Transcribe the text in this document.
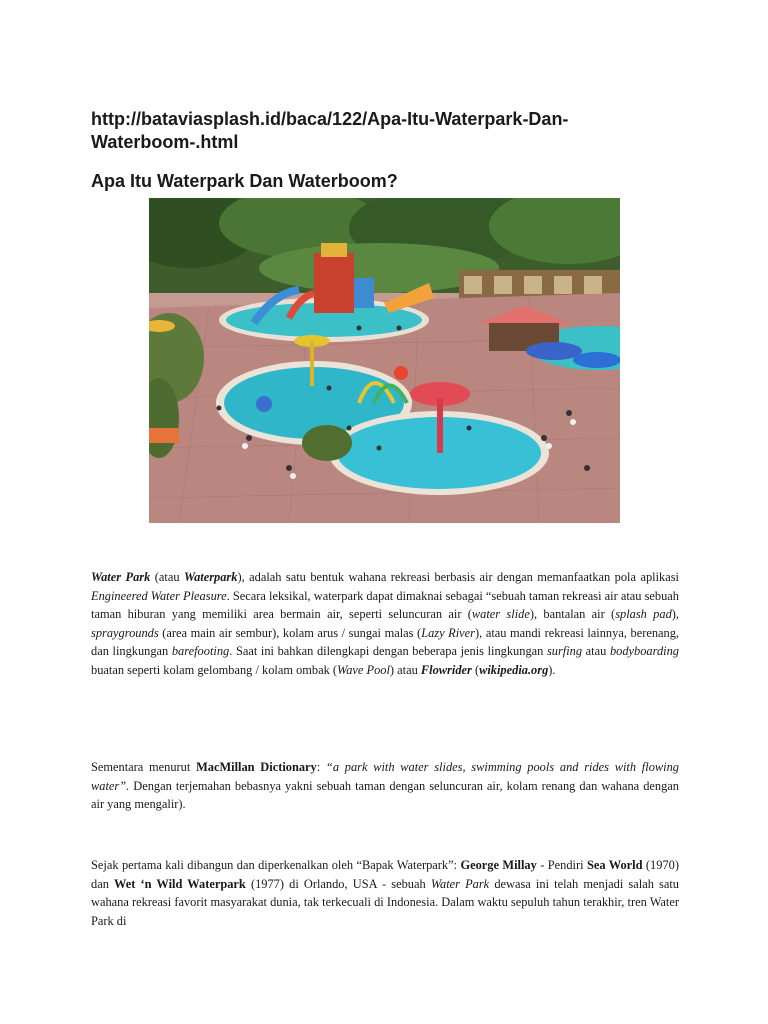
http://bataviasplash.id/baca/122/Apa-Itu-Waterpark-Dan-Waterboom-.html

Apa Itu Waterpark Dan Waterboom?

Water Park (atau Waterpark), adalah satu bentuk wahana rekreasi berbasis air dengan memanfaatkan pola aplikasi Engineered Water Pleasure. Secara leksikal, waterpark dapat dimaknai sebagai “sebuah taman rekreasi air atau sebuah taman hiburan yang memiliki area bermain air, seperti seluncuran air (water slide), bantalan air (splash pad), spraygrounds (area main air sembur), kolam arus / sungai malas (Lazy River), atau mandi rekreasi lainnya, berenang, dan lingkungan barefooting. Saat ini bahkan dilengkapi dengan beberapa jenis lingkungan surfing atau bodyboarding buatan seperti kolam gelombang / kolam ombak (Wave Pool) atau Flowrider (wikipedia.org).

Sementara menurut MacMillan Dictionary: “a park with water slides, swimming pools and rides with flowing water”. Dengan terjemahan bebasnya yakni sebuah taman dengan seluncuran air, kolam renang dan wahana dengan air yang mengalir).

Sejak pertama kali dibangun dan diperkenalkan oleh “Bapak Waterpark”: George Millay - Pendiri Sea World (1970) dan Wet ‘n Wild Waterpark (1977) di Orlando, USA - sebuah Water Park dewasa ini telah menjadi salah satu wahana rekreasi favorit masyarakat dunia, tak terkecuali di Indonesia. Dalam waktu sepuluh tahun terakhir, tren Water Park di
